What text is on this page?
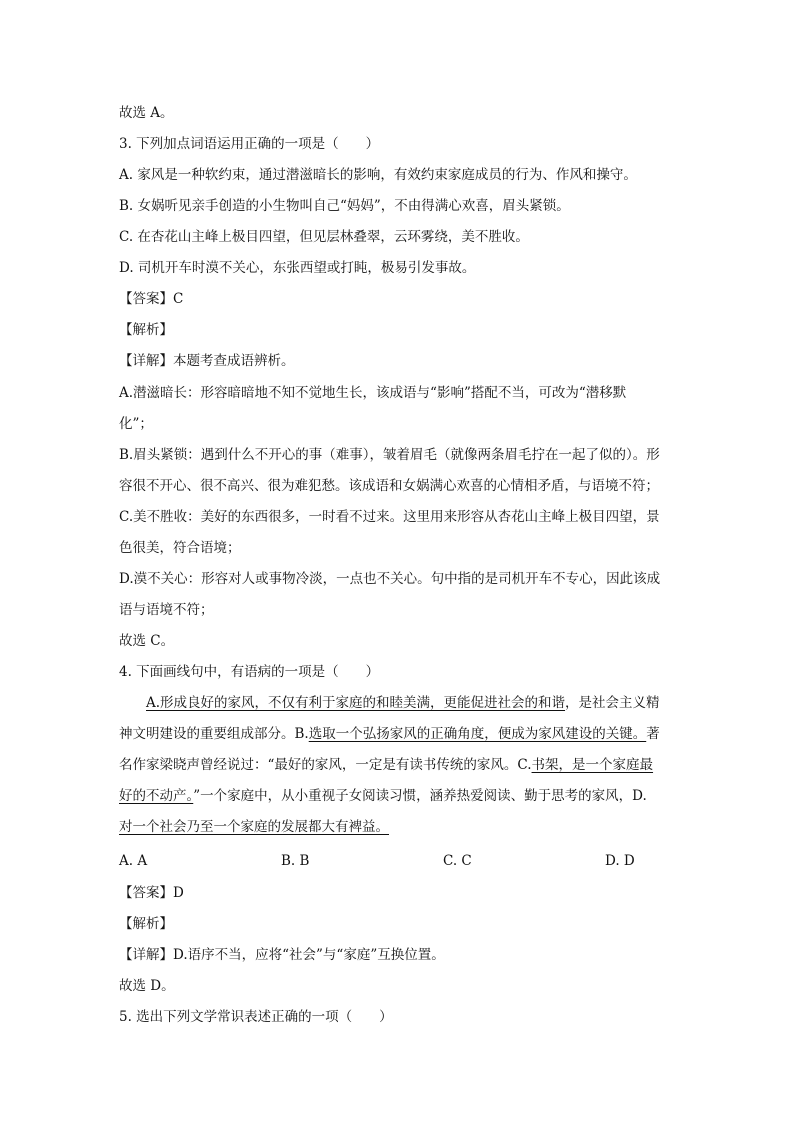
故选 A。
3. 下列加点词语运用正确的一项是（　　）
A. 家风是一种软约束，通过潜滋暗长的影响，有效约束家庭成员的行为、作风和操守。
B. 女娲听见亲手创造的小生物叫自己“妈妈”，不由得满心欢喜，眉头紧锁。
C. 在杏花山主峰上极目四望，但见层林叠翠，云环雾绕，美不胜收。
D. 司机开车时漠不关心，东张西望或打盹，极易引发事故。
【答案】C
【解析】
【详解】本题考查成语辨析。
A.潜滋暗长：形容暗暗地不知不觉地生长，该成语与“影响”搭配不当，可改为“潜移默
化”；
B.眉头紧锁：遇到什么不开心的事（难事），皱着眉毛（就像两条眉毛拧在一起了似的）。形
容很不开心、很不高兴、很为难犯愁。该成语和女娲满心欢喜的心情相矛盾，与语境不符；
C.美不胜收：美好的东西很多，一时看不过来。这里用来形容从杏花山主峰上极目四望，景
色很美，符合语境；
D.漠不关心：形容对人或事物冷淡，一点也不关心。句中指的是司机开车不专心，因此该成
语与语境不符；
故选 C。
4. 下面画线句中，有语病的一项是（　　）
A.形成良好的家风，不仅有利于家庭的和睦美满，更能促进社会的和谐，是社会主义精
神文明建设的重要组成部分。B.选取一个弘扬家风的正确角度，便成为家风建设的关键。著
名作家梁晓声曾经说过：“最好的家风，一定是有读书传统的家风。C.书架，是一个家庭最
好的不动产。”一个家庭中，从小重视子女阅读习惯，涵养热爱阅读、勤于思考的家风，D.
对一个社会乃至一个家庭的发展都大有裨益。
A. A	B. B	C. C	D. D
【答案】D
【解析】
【详解】D.语序不当，应将“社会”与“家庭”互换位置。
故选 D。
5. 选出下列文学常识表述正确的一项（　　）
